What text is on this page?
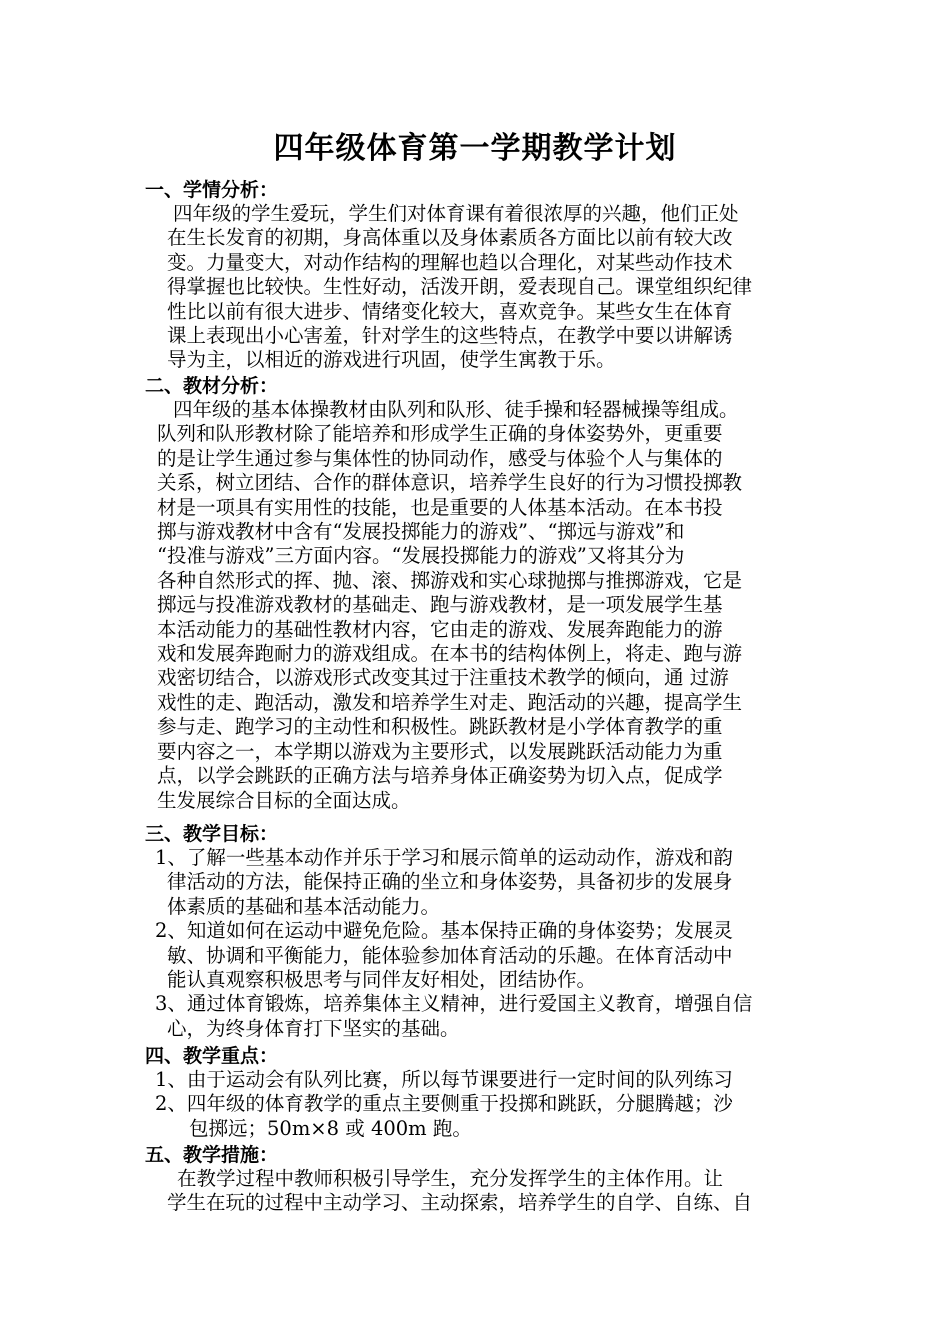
四年级体育第一学期教学计划
一、学情分析：
四年级的学生爱玩，学生们对体育课有着很浓厚的兴趣，他们正处
在生长发育的初期，身高体重以及身体素质各方面比以前有较大改
变。力量变大，对动作结构的理解也趋以合理化，对某些动作技术
得掌握也比较快。生性好动，活泼开朗，爱表现自己。课堂组织纪律
性比以前有很大进步、情绪变化较大，喜欢竞争。某些女生在体育
课上表现出小心害羞，针对学生的这些特点，在教学中要以讲解诱
导为主，以相近的游戏进行巩固，使学生寓教于乐。
二、教材分析：
四年级的基本体操教材由队列和队形、徒手操和轻器械操等组成。
队列和队形教材除了能培养和形成学生正确的身体姿势外，更重要
的是让学生通过参与集体性的协同动作，感受与体验个人与集体的
关系，树立团结、合作的群体意识，培养学生良好的行为习惯投掷教
材是一项具有实用性的技能，也是重要的人体基本活动。在本书投
掷与游戏教材中含有“发展投掷能力的游戏”、“掷远与游戏”和
“投准与游戏”三方面内容。“发展投掷能力的游戏”又将其分为
各种自然形式的挥、抛、滚、掷游戏和实心球抛掷与推掷游戏，它是
掷远与投准游戏教材的基础走、跑与游戏教材，是一项发展学生基
本活动能力的基础性教材内容，它由走的游戏、发展奔跑能力的游
戏和发展奔跑耐力的游戏组成。在本书的结构体例上，将走、跑与游
戏密切结合，以游戏形式改变其过于注重技术教学的倾向，通 过游
戏性的走、跑活动，激发和培养学生对走、跑活动的兴趣，提高学生
参与走、跑学习的主动性和积极性。跳跃教材是小学体育教学的重
要内容之一，本学期以游戏为主要形式，以发展跳跃活动能力为重
点，以学会跳跃的正确方法与培养身体正确姿势为切入点，促成学
生发展综合目标的全面达成。
三、教学目标：
1、了解一些基本动作并乐于学习和展示简单的运动动作，游戏和韵
律活动的方法，能保持正确的坐立和身体姿势，具备初步的发展身
体素质的基础和基本活动能力。
2、知道如何在运动中避免危险。基本保持正确的身体姿势；发展灵
敏、协调和平衡能力，能体验参加体育活动的乐趣。在体育活动中
能认真观察积极思考与同伴友好相处，团结协作。
3、通过体育锻炼，培养集体主义精神，进行爱国主义教育，增强自信
心，为终身体育打下坚实的基础。
四、教学重点：
1、由于运动会有队列比赛，所以每节课要进行一定时间的队列练习
2、四年级的体育教学的重点主要侧重于投掷和跳跃，分腿腾越；沙
包掷远；50m×8 或 400m 跑。
五、教学措施：
在教学过程中教师积极引导学生，充分发挥学生的主体作用。让
学生在玩的过程中主动学习、主动探索，培养学生的自学、自练、自
